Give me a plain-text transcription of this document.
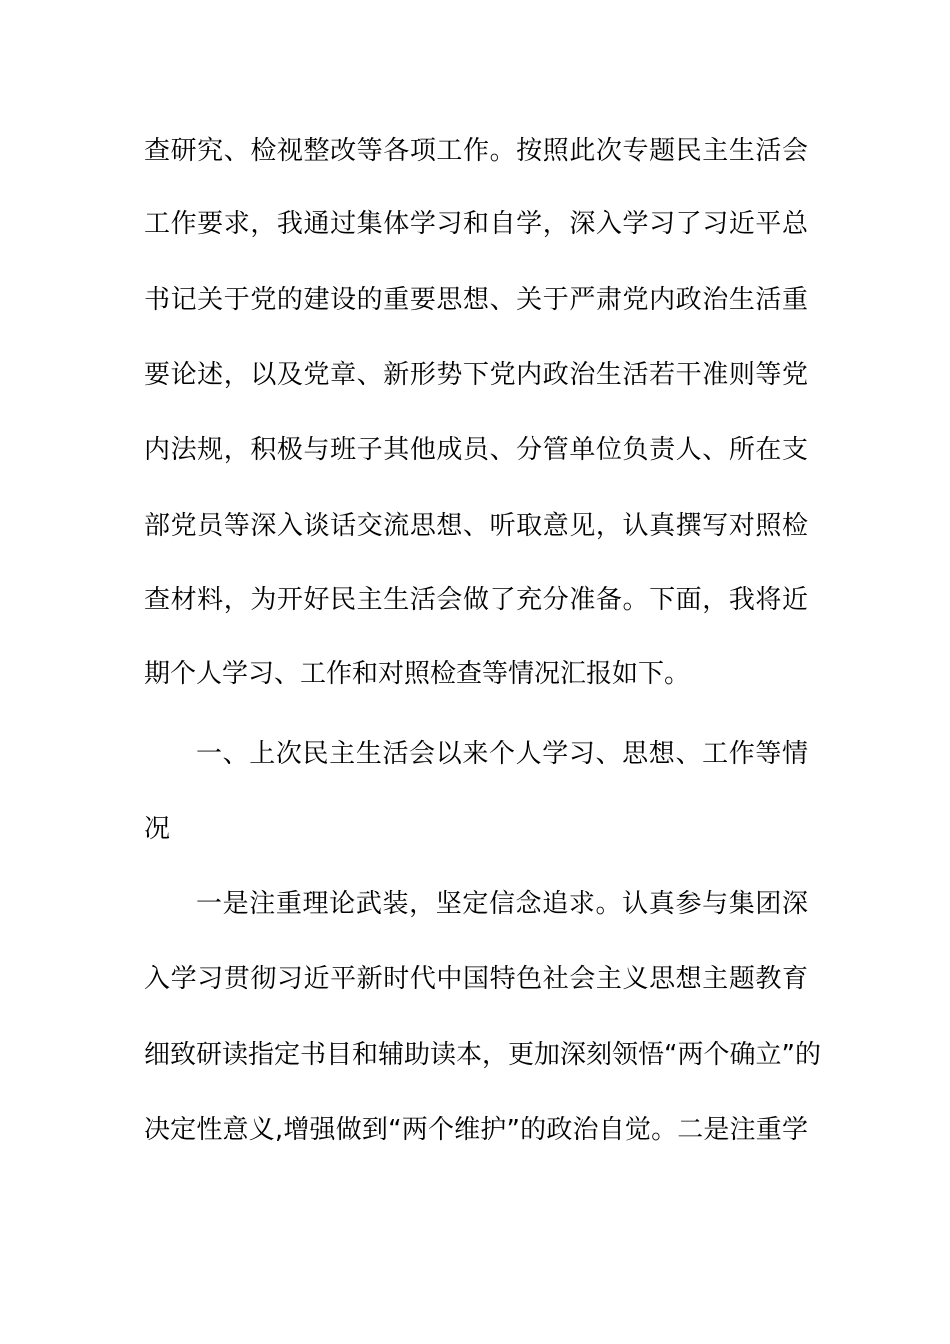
查研究、检视整改等各项工作。按照此次专题民主生活会
工作要求，我通过集体学习和自学，深入学习了习近平总
书记关于党的建设的重要思想、关于严肃党内政治生活重
要论述，以及党章、新形势下党内政治生活若干准则等党
内法规，积极与班子其他成员、分管单位负责人、所在支
部党员等深入谈话交流思想、听取意见，认真撰写对照检
查材料，为开好民主生活会做了充分准备。下面，我将近
期个人学习、工作和对照检查等情况汇报如下。
一、上次民主生活会以来个人学习、思想、工作等情
况
一是注重理论武装，坚定信念追求。认真参与集团深
入学习贯彻习近平新时代中国特色社会主义思想主题教育
细致研读指定书目和辅助读本，更加深刻领悟“两个确立”的
决定性意义,增强做到“两个维护”的政治自觉。二是注重学
